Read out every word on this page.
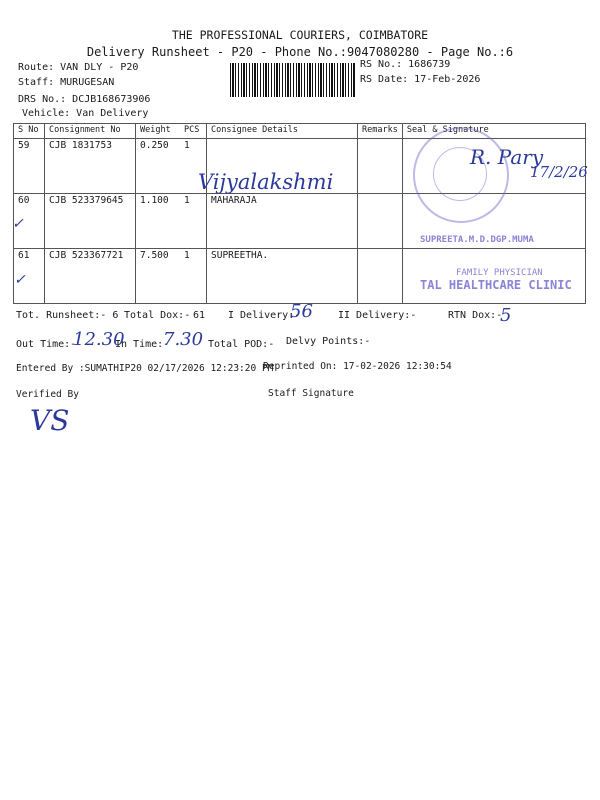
THE PROFESSIONAL COURIERS, COIMBATORE
Delivery Runsheet - P20 - Phone No.:9047080280 - Page No.:6
Route: VAN DLY - P20
Staff: MURUGESAN
DRS No.: DCJB168673906
Vehicle: Van Delivery
RS No.: 1686739
RS Date: 17-Feb-2026
S No	Consignment No	Weight	PCS	Consignee Details	Remarks	Seal & Signature
59	CJB 1831753	0.250	1			
60	CJB 523379645	1.100	1	MAHARAJA		
61	CJB 523367721	7.500	1	SUPREETHA.		
Vijyalakshmi
✓
✓
R. Pary
17/2/26
SUPREETA.M.D.DGP.MUMA
FAMILY PHYSICIAN
TAL HEALTHCARE CLINIC
Tot. Runsheet:- 6 Total Dox:- 61 I Delivery:-
56	II Delivery:-	RTN Dox:-
5
Out Time:-
12.30
In Time:-
7.30 Total POD:- Delvy Points:-
Entered By :SUMATHIP20 02/17/2026 12:23:20 PM
Reprinted On: 17-02-2026 12:30:54
Verified By	Staff Signature
VS
